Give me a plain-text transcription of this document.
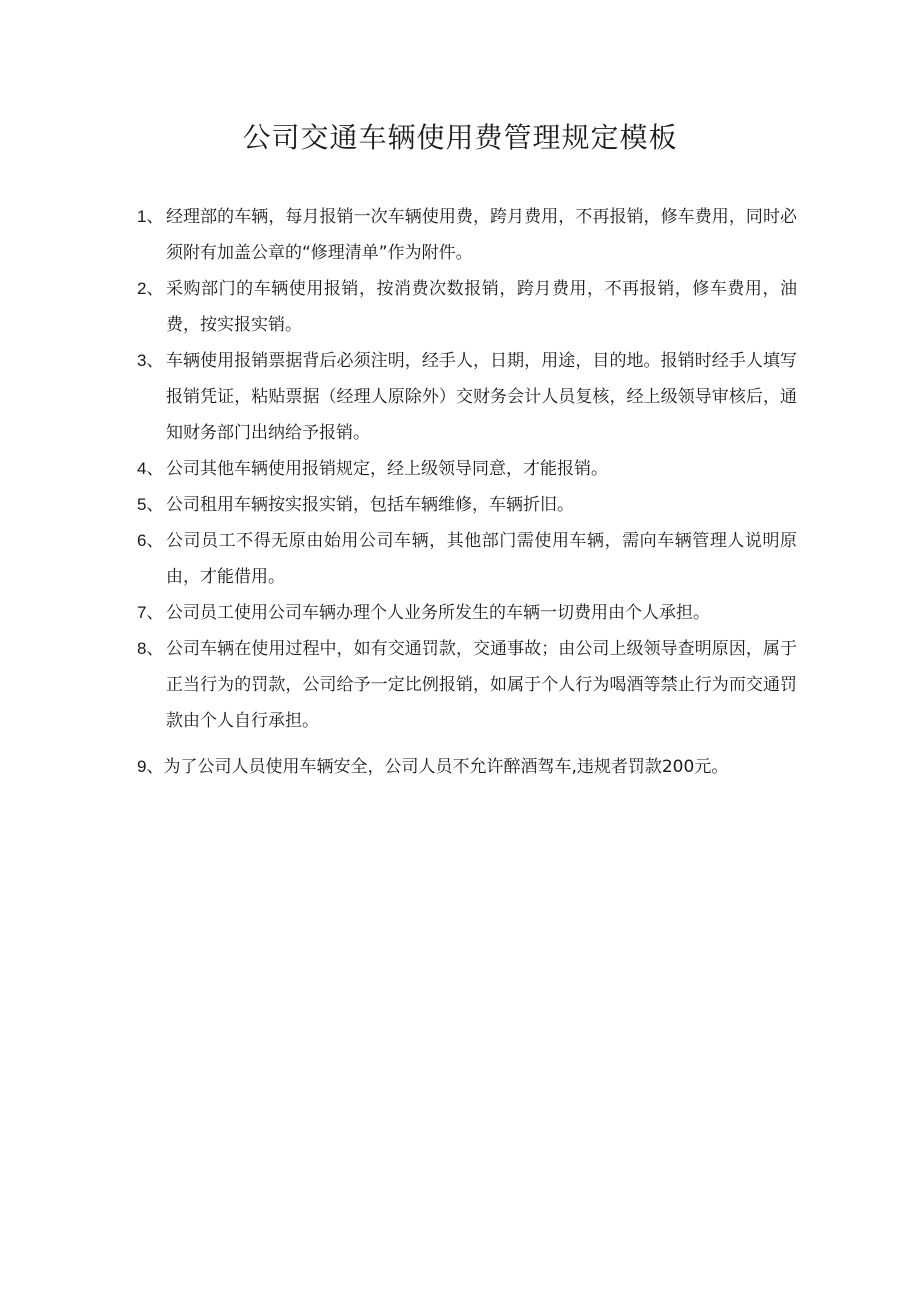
公司交通车辆使用费管理规定模板
1、 经理部的车辆，每月报销一次车辆使用费，跨月费用，不再报销，修车费用，同时必须附有加盖公章的“修理清单”作为附件。
2、 采购部门的车辆使用报销，按消费次数报销，跨月费用，不再报销，修车费用，油费，按实报实销。
3、 车辆使用报销票据背后必须注明，经手人，日期，用途，目的地。报销时经手人填写报销凭证，粘贴票据（经理人原除外）交财务会计人员复核，经上级领导审核后，通知财务部门出纳给予报销。
4、 公司其他车辆使用报销规定，经上级领导同意，才能报销。
5、 公司租用车辆按实报实销，包括车辆维修，车辆折旧。
6、 公司员工不得无原由始用公司车辆，其他部门需使用车辆，需向车辆管理人说明原由，才能借用。
7、 公司员工使用公司车辆办理个人业务所发生的车辆一切费用由个人承担。
8、 公司车辆在使用过程中，如有交通罚款，交通事故；由公司上级领导查明原因，属于正当行为的罚款，公司给予一定比例报销，如属于个人行为喝酒等禁止行为而交通罚款由个人自行承担。
9、为了公司人员使用车辆安全，公司人员不允许醉酒驾车,违规者罚款200元。
